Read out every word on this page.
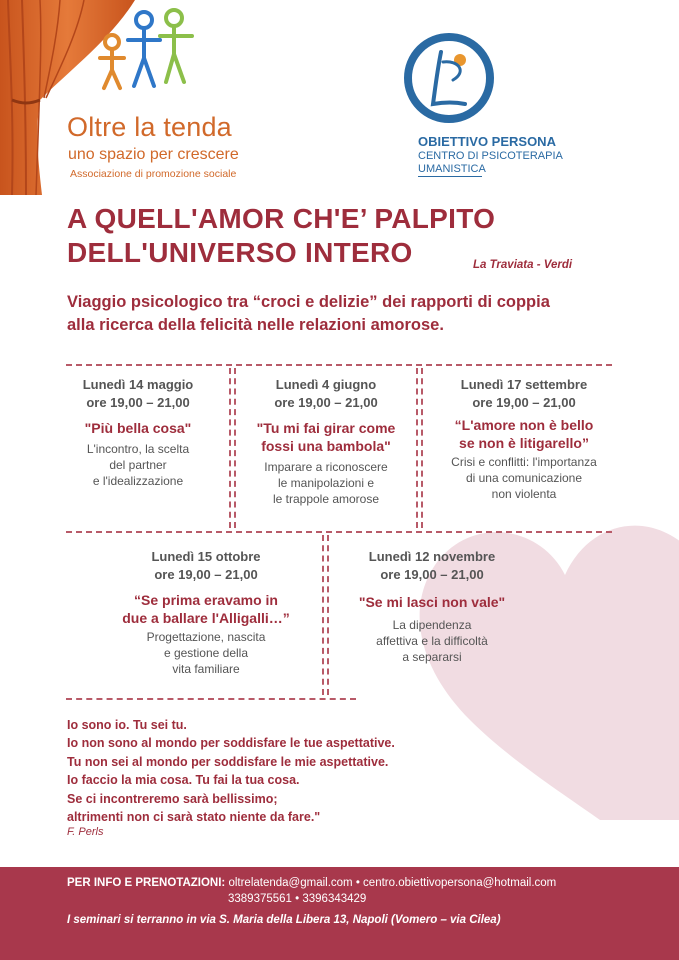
Oltre la tenda
uno spazio per crescere
Associazione di promozione sociale
OBIETTIVO PERSONA
CENTRO DI PSICOTERAPIA
UMANISTICA
A QUELL'AMOR CH'E’ PALPITO
DELL'UNIVERSO INTERO	La Traviata - Verdi
Viaggio psicologico tra “croci e delizie” dei rapporti di coppia
alla ricerca della felicità nelle relazioni amorose.
Lunedì 14 maggio
ore 19,00 – 21,00
"Più bella cosa"
L'incontro, la scelta
del partner
e l'idealizzazione
Lunedì 4 giugno
ore 19,00 – 21,00
"Tu mi fai girar come
fossi una bambola"
Imparare a riconoscere
le manipolazioni e
le trappole amorose
Lunedì 17 settembre
ore 19,00 – 21,00
“L'amore non è bello
se non è litigarello”
Crisi e conflitti: l'importanza
di una comunicazione
non violenta
Lunedì 15 ottobre
ore 19,00 – 21,00
“Se prima eravamo in
due a ballare l'Alligalli…”
Progettazione, nascita
e gestione della
vita familiare
Lunedì 12 novembre
ore 19,00 – 21,00
"Se mi lasci non vale"
La dipendenza
affettiva e la difficoltà
a separarsi
Io sono io. Tu sei tu.
Io non sono al mondo per soddisfare le tue aspettative.
Tu non sei al mondo per soddisfare le mie aspettative.
Io faccio la mia cosa. Tu fai la tua cosa.
Se ci incontreremo sarà bellissimo;
altrimenti non ci sarà stato niente da fare."
F. Perls
PER INFO E PRENOTAZIONI: oltrelatenda@gmail.com • centro.obiettivopersona@hotmail.com
3389375561 • 3396343429
I seminari si terranno in via S. Maria della Libera 13, Napoli (Vomero – via Cilea)
